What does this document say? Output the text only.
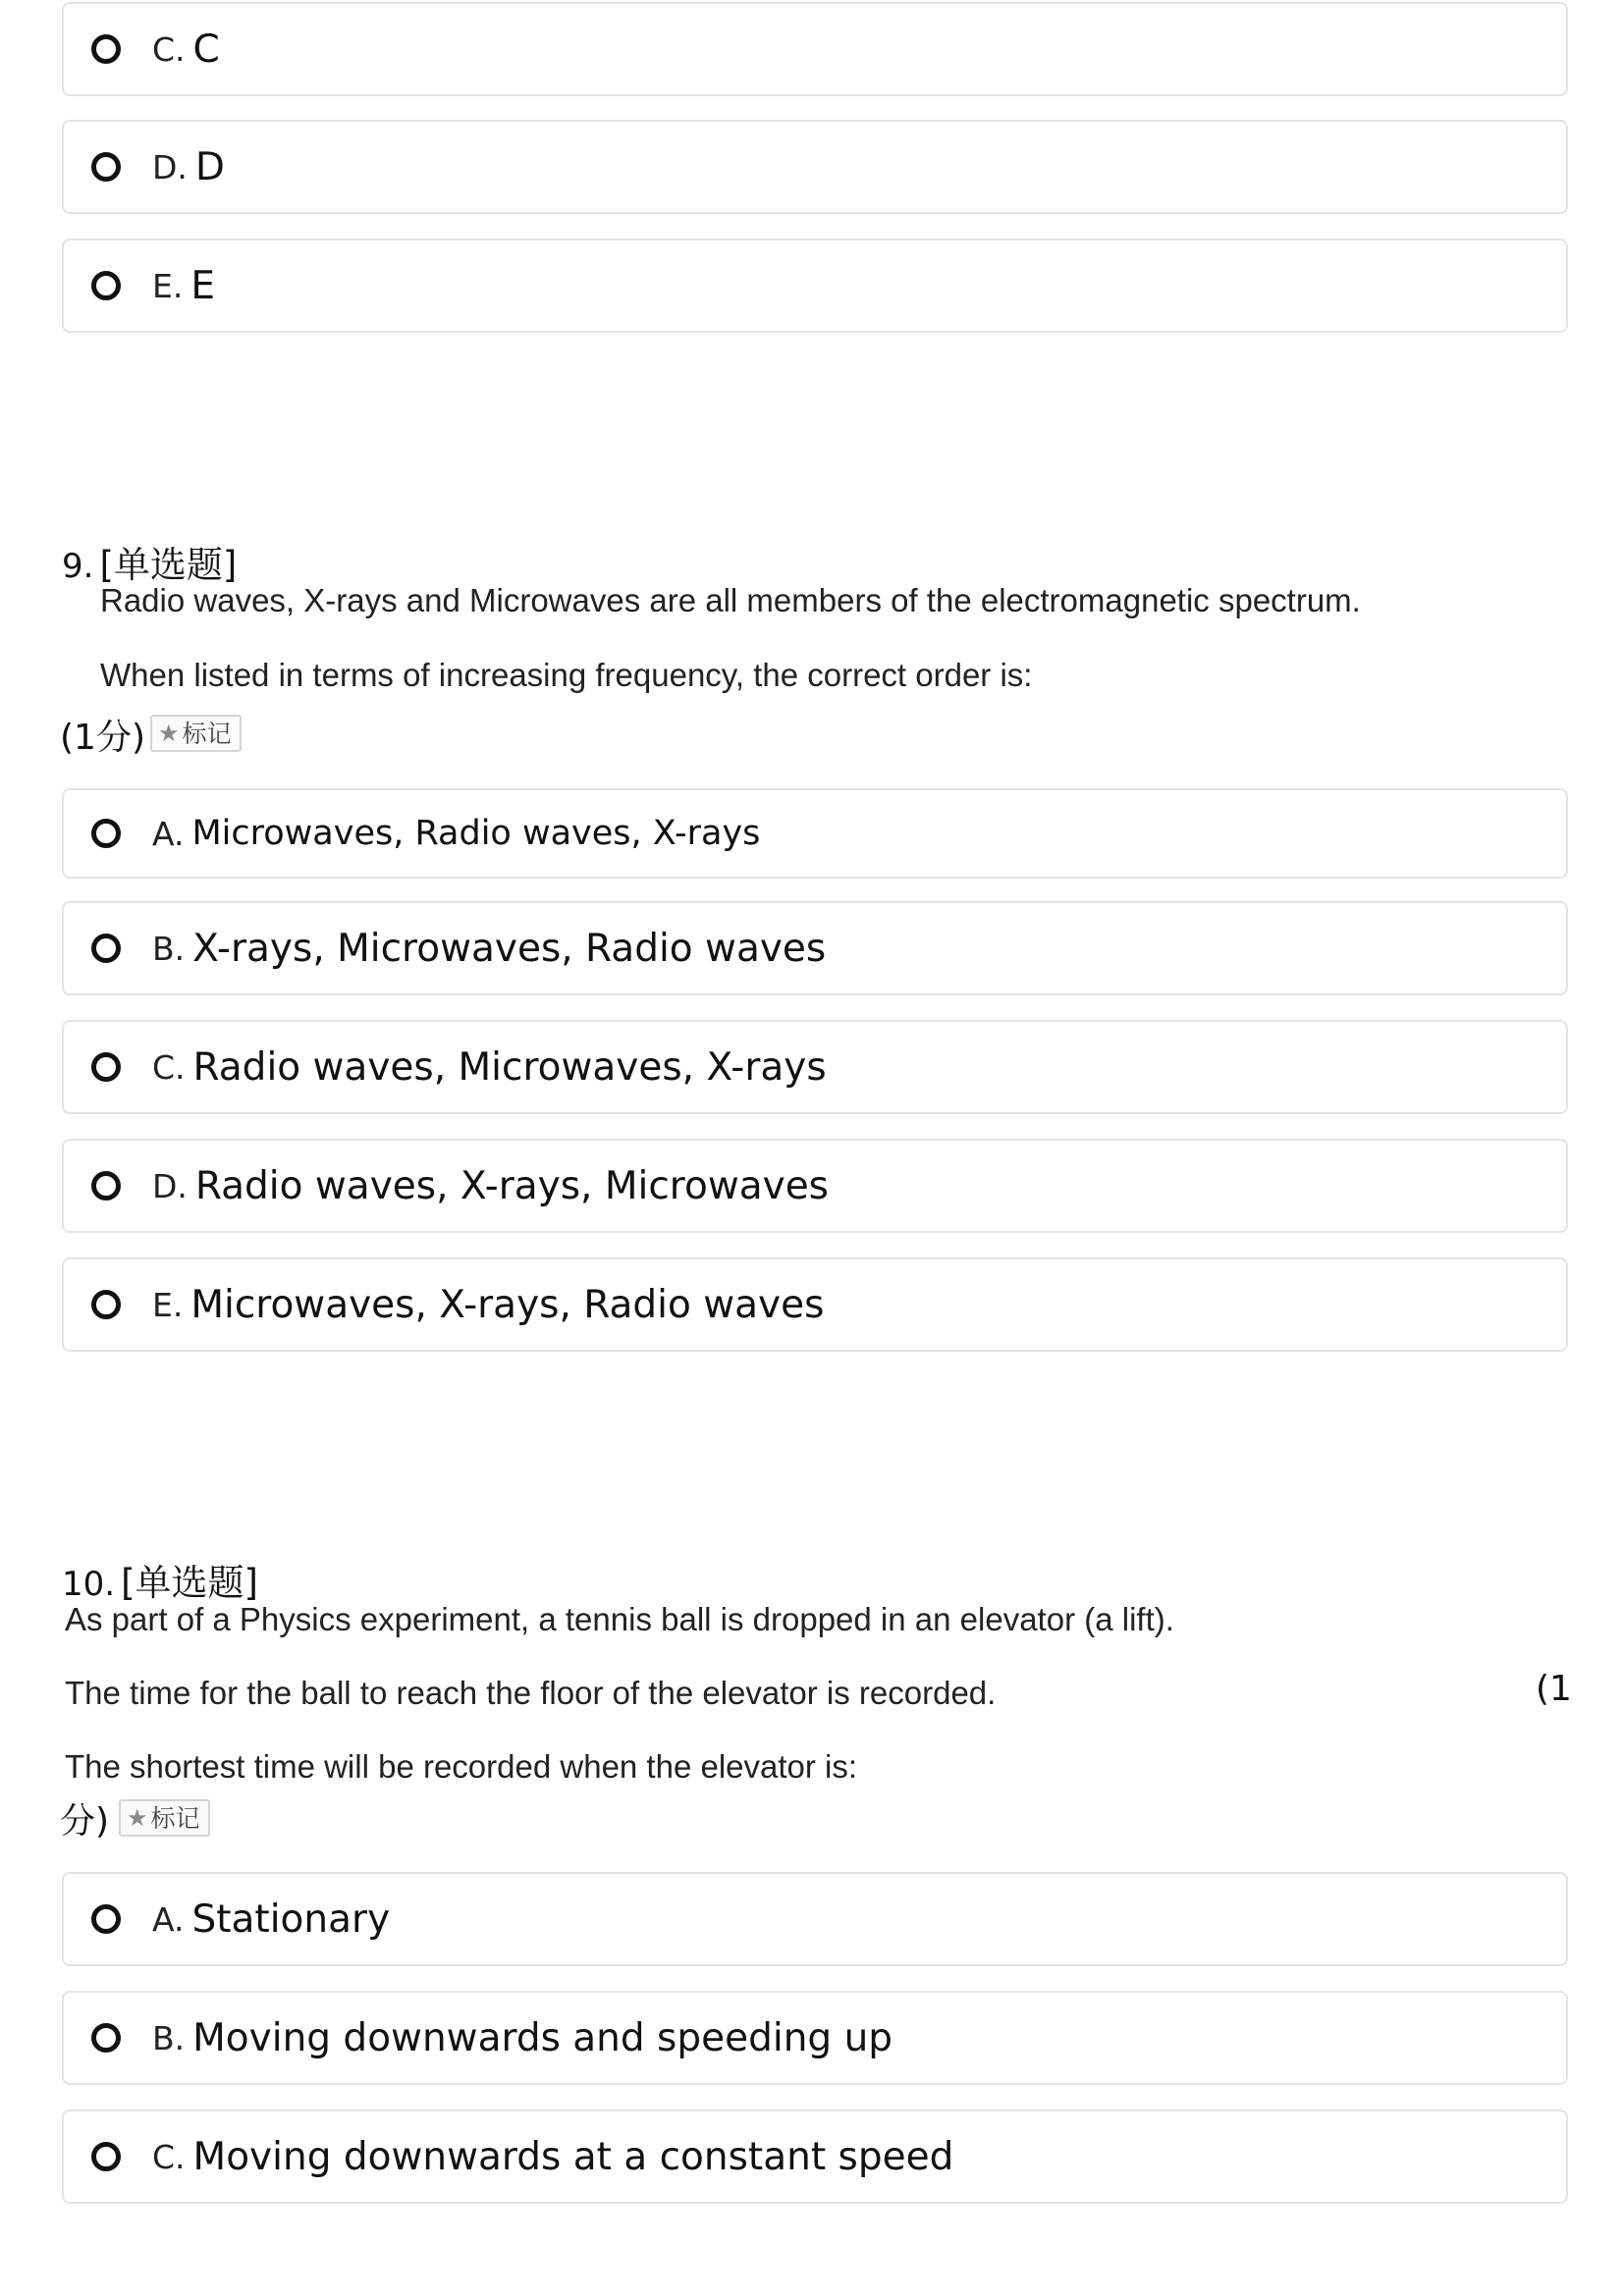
C. C
D. D
E. E
9. [单选题]
Radio waves, X-rays and Microwaves are all members of the electromagnetic spectrum.
When listed in terms of increasing frequency, the correct order is:
(1分) ★ 标记
A. Microwaves, Radio waves, X-rays
B. X-rays, Microwaves, Radio waves
C. Radio waves, Microwaves, X-rays
D. Radio waves, X-rays, Microwaves
E. Microwaves, X-rays, Radio waves
10. [单选题]
As part of a Physics experiment, a tennis ball is dropped in an elevator (a lift).
The time for the ball to reach the floor of the elevator is recorded.	(1
The shortest time will be recorded when the elevator is:
分) ★ 标记
A. Stationary
B. Moving downwards and speeding up
C. Moving downwards at a constant speed
